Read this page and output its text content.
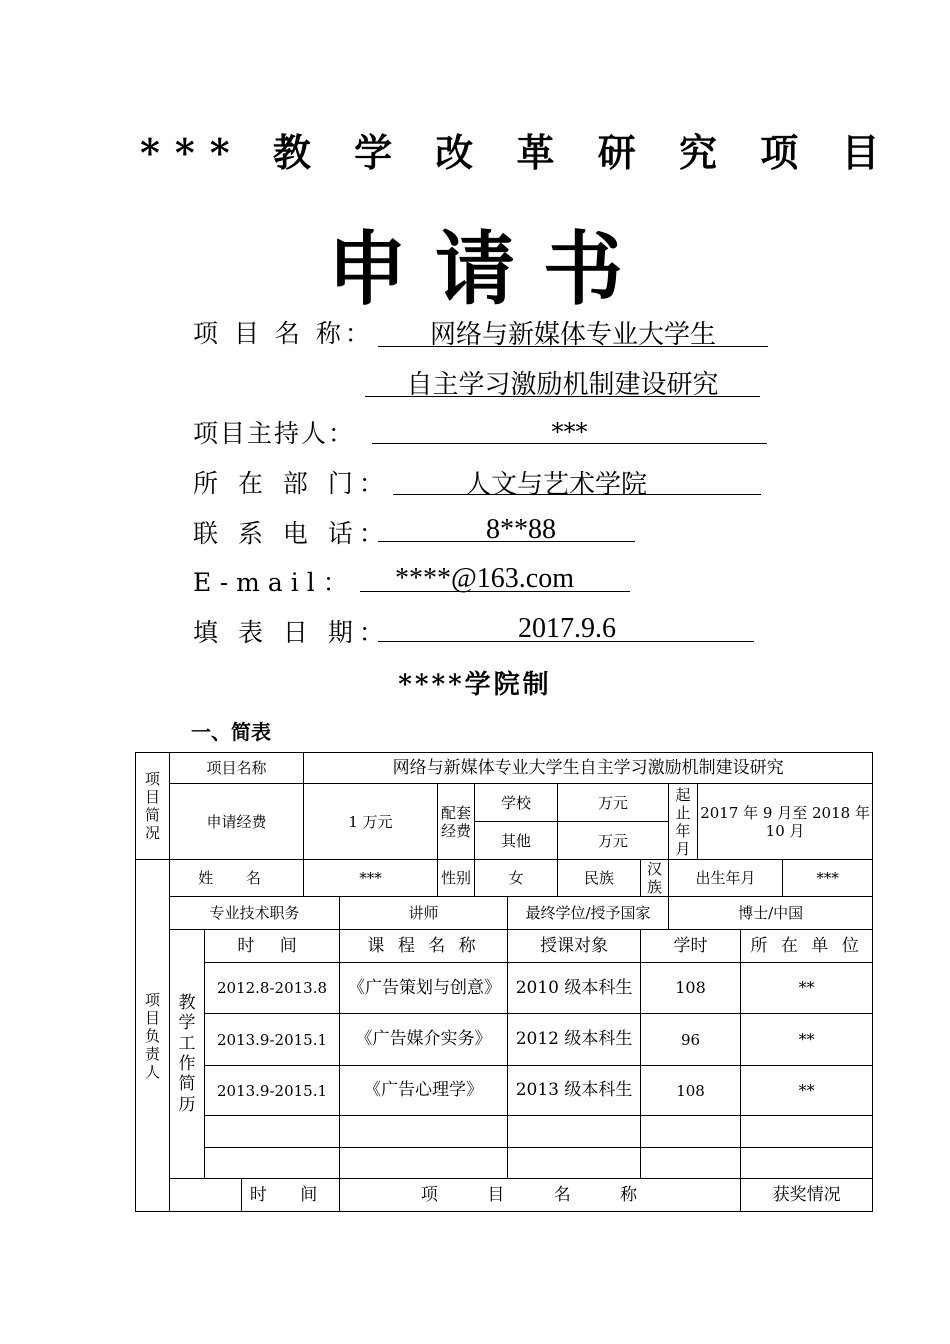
*** 教 学 改 革 研 究 项 目
申 请 书
项 目 名 称：	网络与新媒体专业大学生
自主学习激励机制建设研究
项目主持人：	***
所 在 部 门：	人文与艺术学院
联 系 电 话：	8**88
E-mail： ****@163.com
填 表 日 期：	2017.9.6
****学院制
一、简表
项目简况	项目名称			网络与新媒体专业大学生自主学习激励机制建设研究										
	申请经费			1 万元		配套经费	学校		万元		起止年月	2017 年 9 月至 2018 年 10 月		
							其他		万元					

项目负责人	姓 名			***		性别	女		民族	汉族	出生年月			***
	专业技术职务				讲师			最终学位/授予国家			博士/中国			

	教学工作简历	时 间			课 程 名 称			授课对象		学时			所 在 单 位	
		2012.8-2013.8			《广告策划与创意》			2010 级本科生		108			**	
		2013.9-2015.1			《广告媒介实务》			2012 级本科生		96			**	
		2013.9-2015.1			《广告心理学》			2013 级本科生		108			**	

			时 间		项 目 名 称								获奖情况	
